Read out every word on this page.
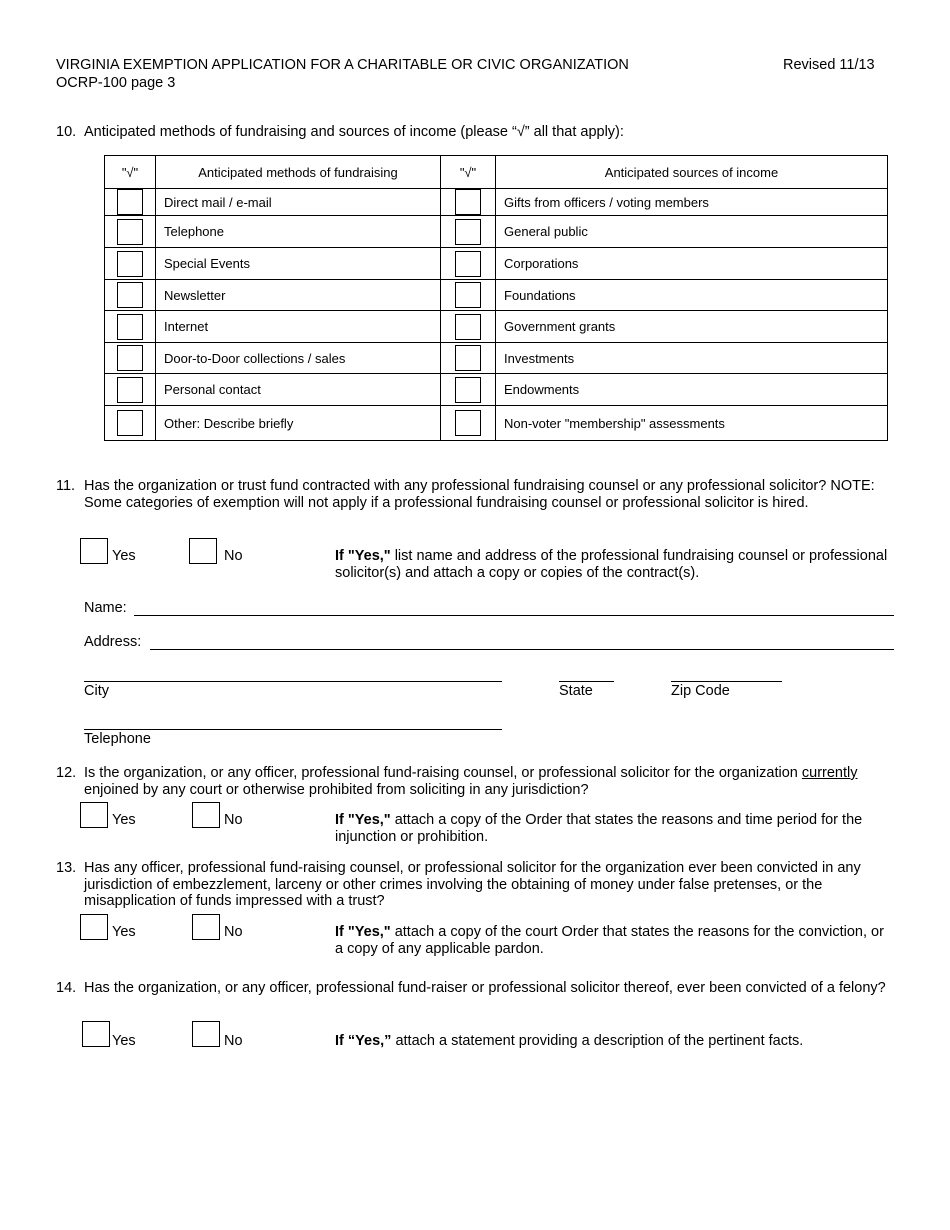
VIRGINIA EXEMPTION APPLICATION FOR A CHARITABLE OR CIVIC ORGANIZATION	Revised 11/13
OCRP-100 page 3
10. Anticipated methods of fundraising and sources of income (please “√” all that apply):
"√"	Anticipated methods of fundraising	"√"	Anticipated sources of income
	Direct mail / e-mail		Gifts from officers / voting members
	Telephone		General public
	Special Events		Corporations
	Newsletter		Foundations
	Internet		Government grants
	Door-to-Door collections / sales		Investments
	Personal contact		Endowments
	Other: Describe briefly		Non-voter "membership" assessments
11. Has the organization or trust fund contracted with any professional fundraising counsel or any professional solicitor? NOTE: Some categories of exemption will not apply if a professional fundraising counsel or professional solicitor is hired.
Yes	No	If "Yes," list name and address of the professional fundraising counsel or professional solicitor(s) and attach a copy or copies of the contract(s).
Name:
Address:
City	State	Zip Code
Telephone
12. Is the organization, or any officer, professional fund-raising counsel, or professional solicitor for the organization currently enjoined by any court or otherwise prohibited from soliciting in any jurisdiction?
Yes	No	If "Yes," attach a copy of the Order that states the reasons and time period for the injunction or prohibition.
13. Has any officer, professional fund-raising counsel, or professional solicitor for the organization ever been convicted in any jurisdiction of embezzlement, larceny or other crimes involving the obtaining of money under false pretenses, or the misapplication of funds impressed with a trust?
Yes	No	If "Yes," attach a copy of the court Order that states the reasons for the conviction, or a copy of any applicable pardon.
14. Has the organization, or any officer, professional fund-raiser or professional solicitor thereof, ever been convicted of a felony?
Yes	No	If “Yes,” attach a statement providing a description of the pertinent facts.
